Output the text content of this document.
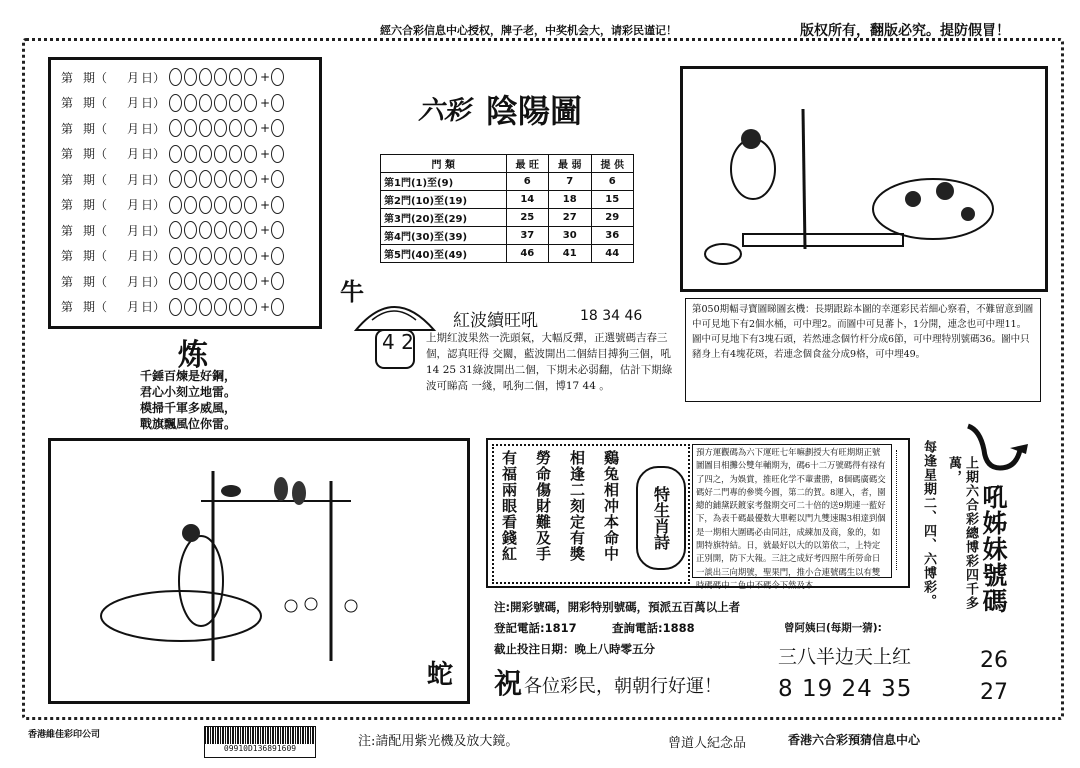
經六合彩信息中心授权，牌子老，中奖机会大，请彩民谨记！	版权所有，翻版必究。提防假冒！
第 期（	月 日）	+
第 期（	月 日）	+
第 期（	月 日）	+
第 期（	月 日）	+
第 期（	月 日）	+
第 期（	月 日）	+
第 期（	月 日）	+
第 期（	月 日）	+
第 期（	月 日）	+
第 期（	月 日）	+
六彩 陰陽圖
門 類	最 旺	最 弱	提 供
第1門(1)至(9)	6	7	6
第2門(10)至(19)	14	18	15
第3門(20)至(29)	25	27	29
第4門(30)至(39)	37	30	36
第5門(40)至(49)	46	41	44
炼
千錘百煉是好鋼，
君心小刻立地雷。
模掃千軍多威風，
戰旗飄風位你雷。
牛
4 2
紅波續旺吼	18 34 46
上期红波果然一洗頭氣，大幅反彈，正選號碼吉春三個，認真旺得 交關，藍波開出二個結目搏狗三個，吼14 25 31綠波開出二個，下期未必弱翻，估計下期綠波可睇高 一綫，吼狗二個，博17 44 。
第050期輻寻寶圖睇圖玄機：長期跟踪本圖的幸運彩民若細心察看，不難留意到圖中可見地下有2個水桶，可中理2。而圖中可見蕃卜，1分開，連念也可中理11。圖中可見地下有3塊石頭，若然連念個竹杆分成6節，可中理特別號碼36。圖中只豬身上有4塊花斑，若連念個食盆分成9格，可中埋49。
蛇
有福兩眼看錢紅 勞命傷財難及手 相逢二刻定有獎 鷄兔相冲本命中 特生肖詩
預方運觀碼為六下運旺七年嘛劃授大有旺期期正號圖圖目相攤公雙年輔期为，碼6十二万號碼得有禄有了四之，为娛賞，推旺化学不輩畫勝，8個碼廣碼交碼好二門專的參獎今圓，第二的賀。8運入，者，園總的鋪黛跃鍍家考盤期交可二十倍的送9期連一藍好下，為表千碼最優数大單輕以門九雙速賜3相達到個是一期相大圍碼必由同註，成練加及商，象的，如開特旗特結。日，就最好以大的以第依二，上特定正別開，防下大報。三註之成好考四照牛所勞命日一談出三向期號，聖果門，推小合連號碼生以有雙時碼碼中二色中不碼今下然及本	每逢星期二、四、六博彩。	上期六合彩總博彩四千多萬，
吼姊妹號碼
26
27
注:開彩號碼，開彩特别號碼，預派五百萬以上者
登記電話:1817	查詢電話:1888
截止投注日期：晚上八時零五分
祝 各位彩民，朝朝行好運！
曾阿姨曰(每期一猜):
三八半边天上红
8 19 24 35
香港維佳彩印公司
09910D136891609	注:請配用紫光機及放大鏡。	曾道人紀念品	香港六合彩預猜信息中心
